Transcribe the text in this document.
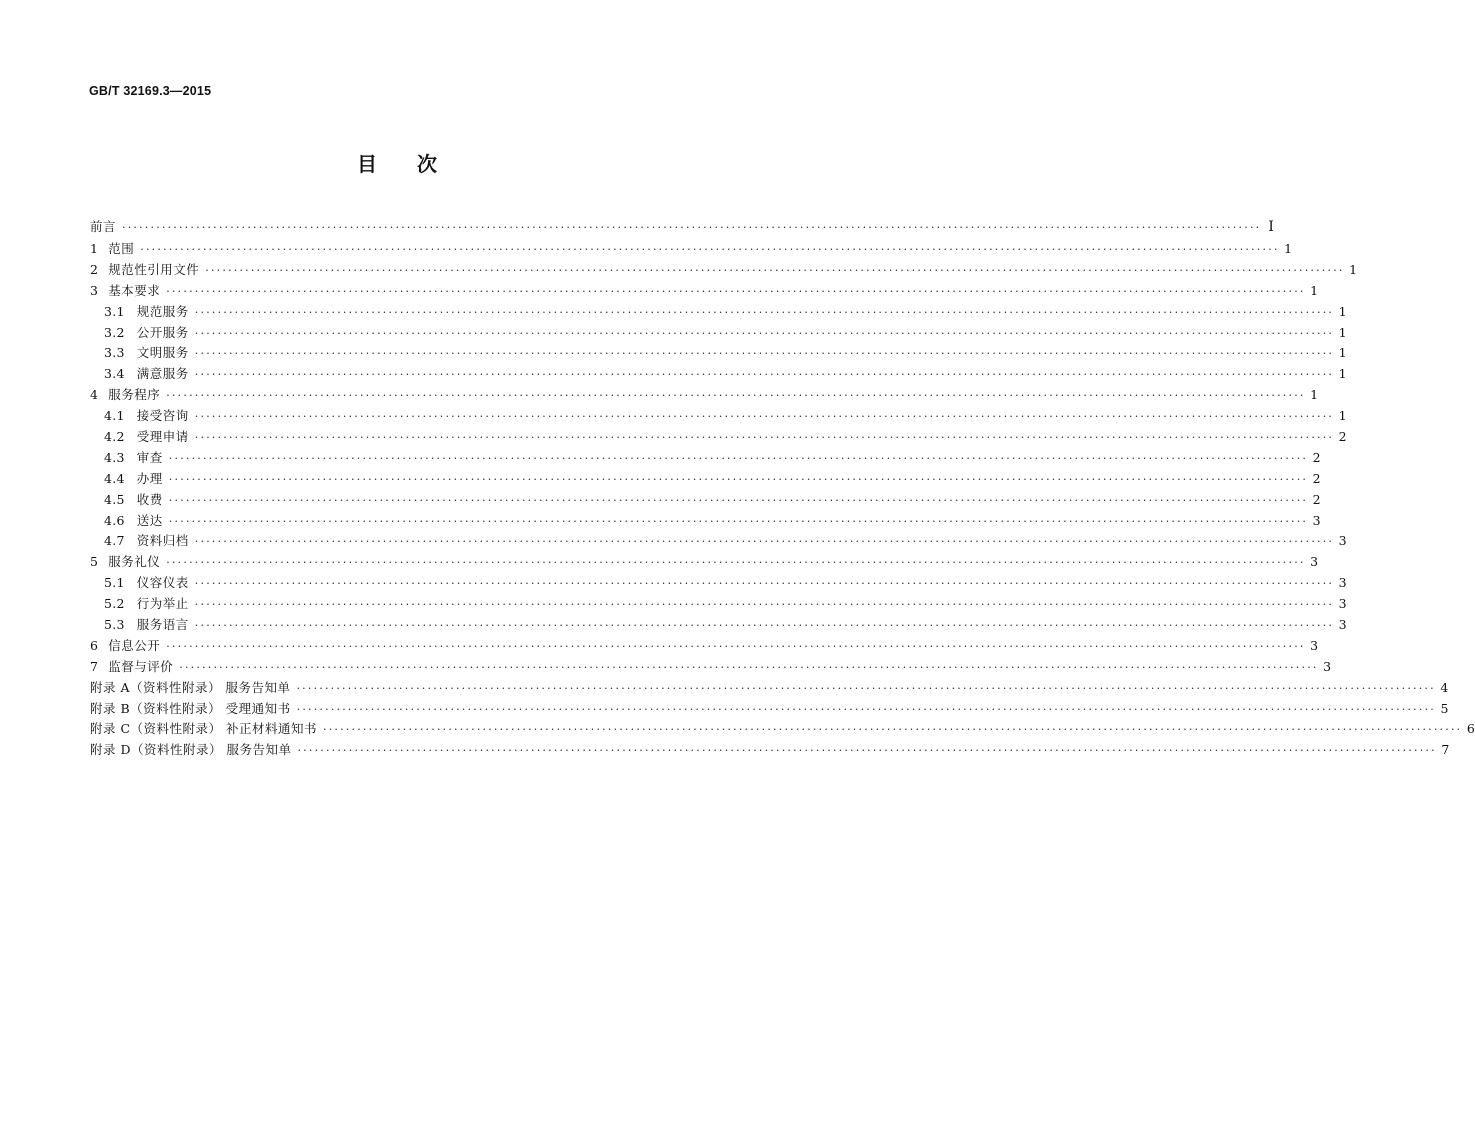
GB/T 32169.3—2015
目次
前言 ········································································································································································································ I
1 范围 ········································································································································································································ 1
2 规范性引用文件 ········································································································································································································ 1
3 基本要求 ········································································································································································································ 1
3.1 规范服务 ········································································································································································································ 1
3.2 公开服务 ········································································································································································································ 1
3.3 文明服务 ········································································································································································································ 1
3.4 满意服务 ········································································································································································································ 1
4 服务程序 ········································································································································································································ 1
4.1 接受咨询 ········································································································································································································ 1
4.2 受理申请 ········································································································································································································ 2
4.3 审查 ········································································································································································································ 2
4.4 办理 ········································································································································································································ 2
4.5 收费 ········································································································································································································ 2
4.6 送达 ········································································································································································································ 3
4.7 资料归档 ········································································································································································································ 3
5 服务礼仪 ········································································································································································································ 3
5.1 仪容仪表 ········································································································································································································ 3
5.2 行为举止 ········································································································································································································ 3
5.3 服务语言 ········································································································································································································ 3
6 信息公开 ········································································································································································································ 3
7 监督与评价 ········································································································································································································ 3
附录 A（资料性附录） 服务告知单 ········································································································································································································ 4
附录 B（资料性附录） 受理通知书 ········································································································································································································ 5
附录 C（资料性附录） 补正材料通知书 ········································································································································································································ 6
附录 D（资料性附录） 服务告知单 ········································································································································································································ 7
